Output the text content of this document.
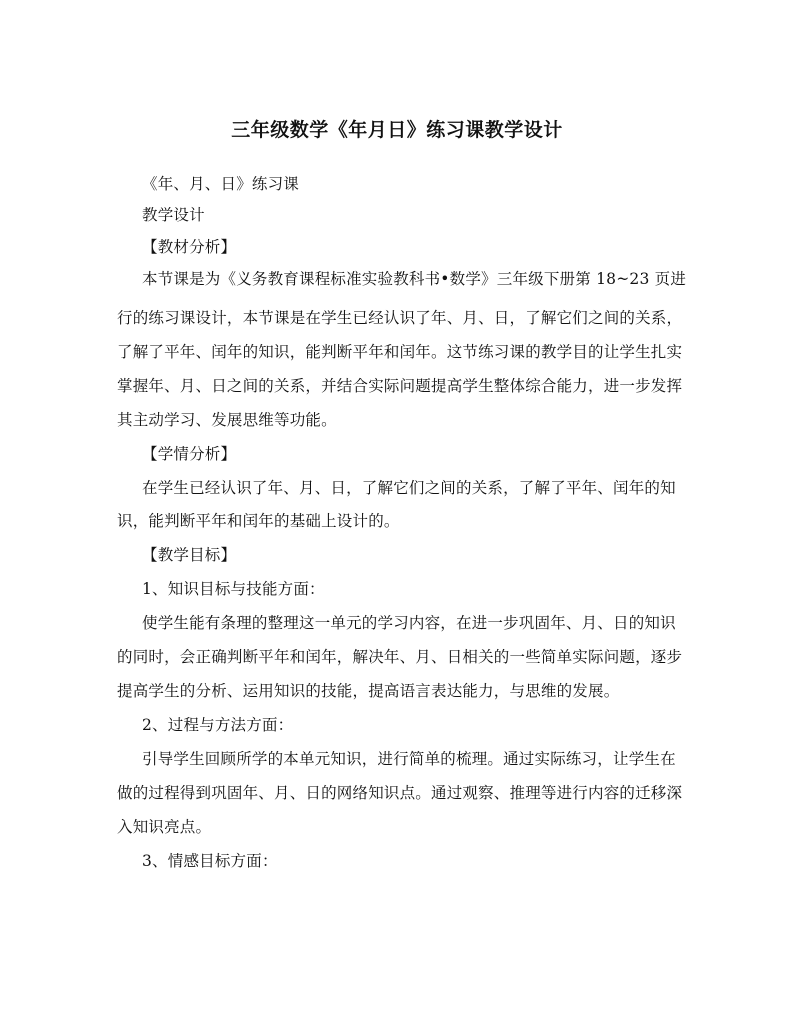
三年级数学《年月日》练习课教学设计
《年、月、日》练习课
教学设计
【教材分析】
本节课是为《义务教育课程标准实验教科书•数学》三年级下册第 18~23 页进
行的练习课设计，本节课是在学生已经认识了年、月、日，了解它们之间的关系，
了解了平年、闰年的知识，能判断平年和闰年。这节练习课的教学目的让学生扎实
掌握年、月、日之间的关系，并结合实际问题提高学生整体综合能力，进一步发挥
其主动学习、发展思维等功能。
【学情分析】
在学生已经认识了年、月、日，了解它们之间的关系，了解了平年、闰年的知
识，能判断平年和闰年的基础上设计的。
【教学目标】
1、知识目标与技能方面：
使学生能有条理的整理这一单元的学习内容，在进一步巩固年、月、日的知识
的同时，会正确判断平年和闰年，解决年、月、日相关的一些简单实际问题，逐步
提高学生的分析、运用知识的技能，提高语言表达能力，与思维的发展。
2、过程与方法方面：
引导学生回顾所学的本单元知识，进行简单的梳理。通过实际练习，让学生在
做的过程得到巩固年、月、日的网络知识点。通过观察、推理等进行内容的迁移深
入知识亮点。
3、情感目标方面：
